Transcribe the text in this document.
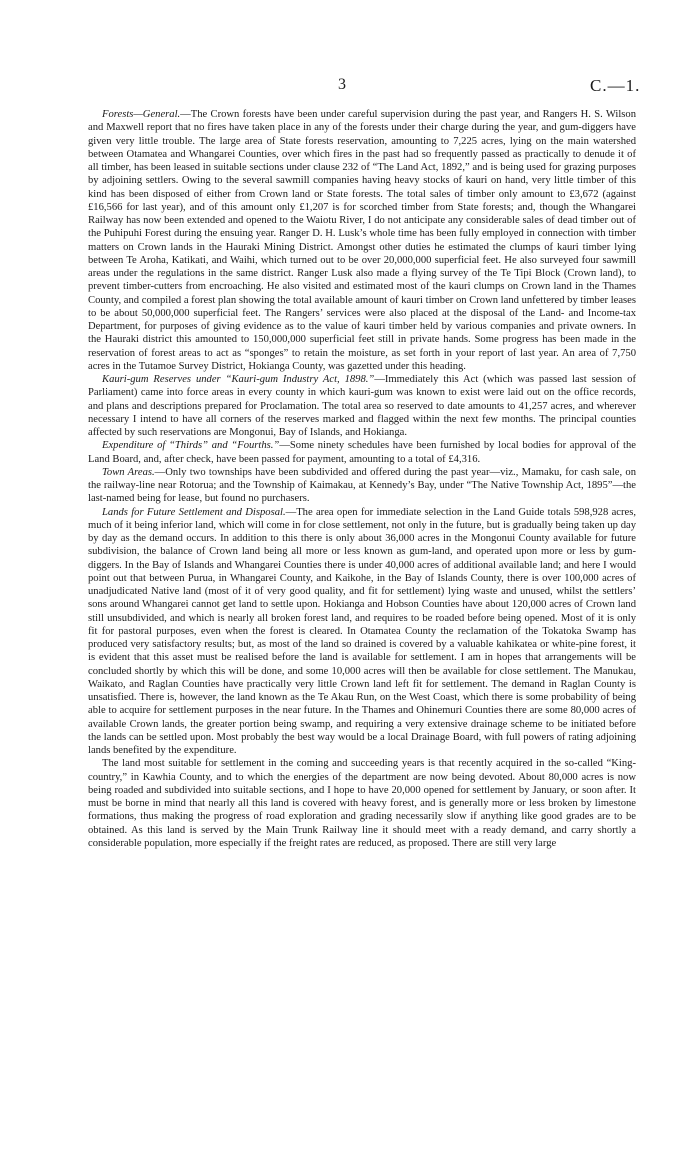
3	C.—1.

Forests—General.—The Crown forests have been under careful supervision during the past year, and Rangers H. S. Wilson and Maxwell report that no fires have taken place in any of the forests under their charge during the year, and gum-diggers have given very little trouble. The large area of State forests reservation, amounting to 7,225 acres, lying on the main watershed between Otamatea and Whangarei Counties, over which fires in the past had so frequently passed as practically to denude it of all timber, has been leased in suitable sections under clause 232 of “The Land Act, 1892,” and is being used for grazing purposes by adjoining settlers. Owing to the several sawmill companies having heavy stocks of kauri on hand, very little timber of this kind has been disposed of either from Crown land or State forests. The total sales of timber only amount to £3,672 (against £16,566 for last year), and of this amount only £1,207 is for scorched timber from State forests; and, though the Whangarei Railway has now been extended and opened to the Waiotu River, I do not anticipate any considerable sales of dead timber out of the Puhipuhi Forest during the ensuing year. Ranger D. H. Lusk’s whole time has been fully employed in connection with timber matters on Crown lands in the Hauraki Mining District. Amongst other duties he estimated the clumps of kauri timber lying between Te Aroha, Katikati, and Waihi, which turned out to be over 20,000,000 superficial feet. He also surveyed four sawmill areas under the regulations in the same district. Ranger Lusk also made a flying survey of the Te Tipi Block (Crown land), to prevent timber-cutters from encroaching. He also visited and estimated most of the kauri clumps on Crown land in the Thames County, and compiled a forest plan showing the total available amount of kauri timber on Crown land unfettered by timber leases to be about 50,000,000 superficial feet. The Rangers’ services were also placed at the disposal of the Land- and Income-tax Department, for purposes of giving evidence as to the value of kauri timber held by various companies and private owners. In the Hauraki district this amounted to 150,000,000 superficial feet still in private hands. Some progress has been made in the reservation of forest areas to act as “sponges” to retain the moisture, as set forth in your report of last year. An area of 7,750 acres in the Tutamoe Survey District, Hokianga County, was gazetted under this heading.

Kauri-gum Reserves under “Kauri-gum Industry Act, 1898.”—Immediately this Act (which was passed last session of Parliament) came into force areas in every county in which kauri-gum was known to exist were laid out on the office records, and plans and descriptions prepared for Proclamation. The total area so reserved to date amounts to 41,257 acres, and wherever necessary I intend to have all corners of the reserves marked and flagged within the next few months. The principal counties affected by such reservations are Mongonui, Bay of Islands, and Hokianga.

Expenditure of “Thirds” and “Fourths.”—Some ninety schedules have been furnished by local bodies for approval of the Land Board, and, after check, have been passed for payment, amounting to a total of £4,316.

Town Areas.—Only two townships have been subdivided and offered during the past year—viz., Mamaku, for cash sale, on the railway-line near Rotorua; and the Township of Kaimakau, at Kennedy’s Bay, under “The Native Township Act, 1895”—the last-named being for lease, but found no purchasers.

Lands for Future Settlement and Disposal.—The area open for immediate selection in the Land Guide totals 598,928 acres, much of it being inferior land, which will come in for close settlement, not only in the future, but is gradually being taken up day by day as the demand occurs. In addition to this there is only about 36,000 acres in the Mongonui County available for future subdivision, the balance of Crown land being all more or less known as gum-land, and operated upon more or less by gum-diggers. In the Bay of Islands and Whangarei Counties there is under 40,000 acres of additional available land; and here I would point out that between Purua, in Whangarei County, and Kaikohe, in the Bay of Islands County, there is over 100,000 acres of unadjudicated Native land (most of it of very good quality, and fit for settlement) lying waste and unused, whilst the settlers’ sons around Whangarei cannot get land to settle upon. Hokianga and Hobson Counties have about 120,000 acres of Crown land still unsubdivided, and which is nearly all broken forest land, and requires to be roaded before being opened. Most of it is only fit for pastoral purposes, even when the forest is cleared. In Otamatea County the reclamation of the Tokatoka Swamp has produced very satisfactory results; but, as most of the land so drained is covered by a valuable kahikatea or white-pine forest, it is evident that this asset must be realised before the land is available for settlement. I am in hopes that arrangements will be concluded shortly by which this will be done, and some 10,000 acres will then be available for close settlement. The Manukau, Waikato, and Raglan Counties have practically very little Crown land left fit for settlement. The demand in Raglan County is unsatisfied. There is, however, the land known as the Te Akau Run, on the West Coast, which there is some probability of being able to acquire for settlement purposes in the near future. In the Thames and Ohinemuri Counties there are some 80,000 acres of available Crown lands, the greater portion being swamp, and requiring a very extensive drainage scheme to be initiated before the lands can be settled upon. Most probably the best way would be a local Drainage Board, with full powers of rating adjoining lands benefited by the expenditure.

The land most suitable for settlement in the coming and succeeding years is that recently acquired in the so-called “King-country,” in Kawhia County, and to which the energies of the department are now being devoted. About 80,000 acres is now being roaded and subdivided into suitable sections, and I hope to have 20,000 opened for settlement by January, or soon after. It must be borne in mind that nearly all this land is covered with heavy forest, and is generally more or less broken by limestone formations, thus making the progress of road exploration and grading necessarily slow if anything like good grades are to be obtained. As this land is served by the Main Trunk Railway line it should meet with a ready demand, and carry shortly a considerable population, more especially if the freight rates are reduced, as proposed. There are still very large
